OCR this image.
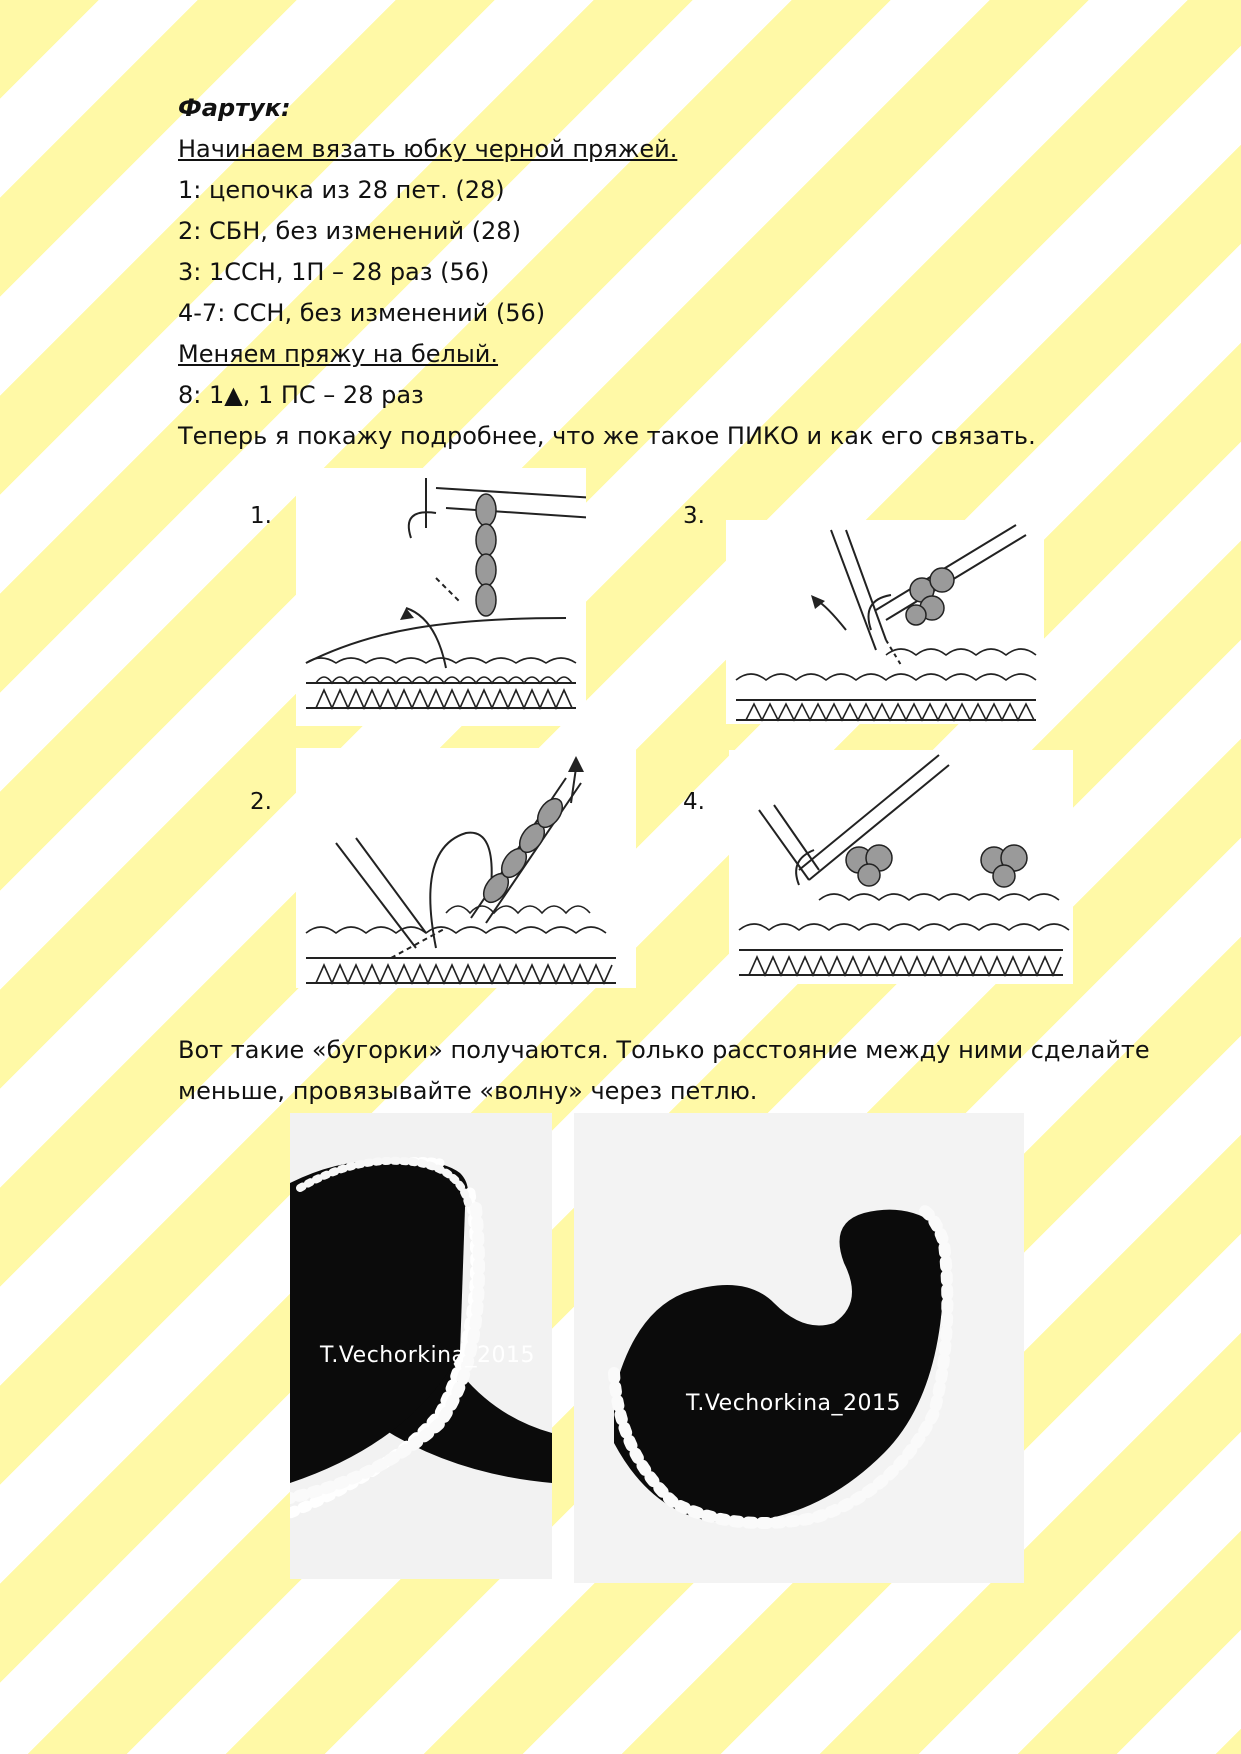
Фартук:

Начинаем вязать юбку черной пряжей.

1: цепочка из 28 пет. (28)

2: СБН, без изменений (28)

3: 1ССН, 1П – 28 раз (56)

4-7: ССН, без изменений (56)

Меняем пряжу на белый.

8: 1▲, 1 ПС – 28 раз

Теперь я покажу подробнее, что же такое ПИКО и как его связать.

1.
2.
3.
4.

Вот такие «бугорки» получаются. Только расстояние между ними сделайте

меньше, провязывайте «волну» через петлю.

T.Vechorkina_2015
T.Vechorkina_2015
